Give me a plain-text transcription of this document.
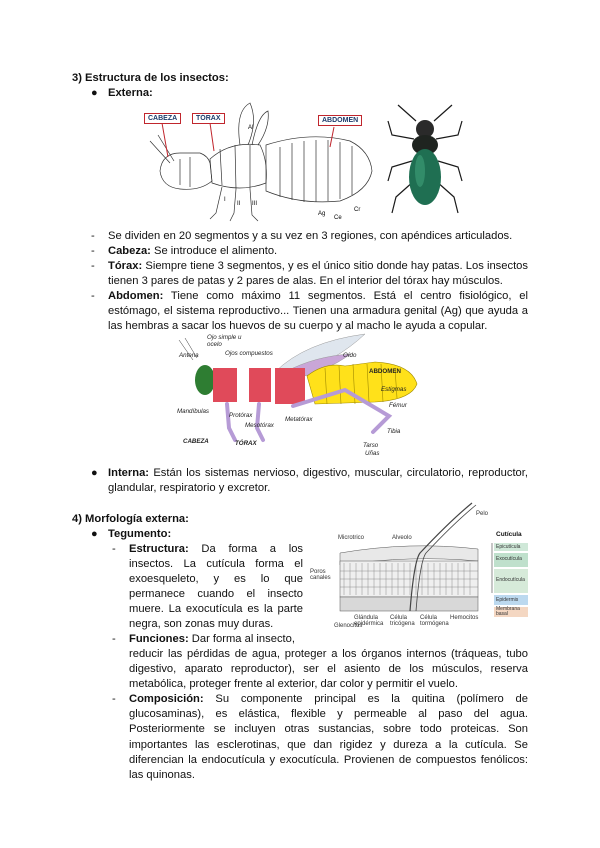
3) Estructura de los insectos:
● Externa:
Al
I
II III
Cr
Ag
Ce
CABEZA	TÓRAX	ABDOMEN
- Se dividen en 20 segmentos y a su vez en 3 regiones, con apéndices articulados.
- Cabeza: Se introduce el alimento.
- Tórax: Siempre tiene 3 segmentos, y es el único sitio donde hay patas. Los insectos tienen 3 pares de patas y 2 pares de alas. En el interior del tórax hay músculos.
- Abdomen: Tiene como máximo 11 segmentos. Está el centro fisiológico, el estómago, el sistema reproductivo... Tienen una armadura genital (Ag) que ayuda a las hembras a sacar los huevos de su cuerpo y al macho le ayuda a copular.
Ojo simple u ocelo
Antena	Ojos compuestos	Oído
ABDOMEN
Estigmas
Fémur
Tibia
Tarso
Uñas
Mandíbulas
Protórax
Mesotórax
Metatórax
CABEZA	TÓRAX
● Interna: Están los sistemas nervioso, digestivo, muscular, circulatorio, reproductor, glandular, respiratorio y excretor.
4) Morfología externa:
● Tegumento:	Cutícula
Microtrico	Alveolo
Pelo
Poros canales
Glándula epidérmica
Célula tricógena
Célula tormógena
Hemocitos
Glenocitos
Epicutícula
Exocutícula
Endocutícula
Epidermis
Membrana basal
- Estructura: Da forma a los
insectos. La cutícula forma el
exoesqueleto, y es lo que
permanece cuando el insecto
muere. La exocutícula es la parte
negra, son zonas muy duras.
- Funciones: Dar forma al insecto,
reducir las pérdidas de agua, proteger a los órganos internos (tráqueas, tubo digestivo, aparato reproductor), ser el asiento de los músculos, reserva metabólica, proteger frente al exterior, dar color y permitir el vuelo.
- Composición: Su componente principal es la quitina (polímero de glucosaminas), es elástica, flexible y permeable al paso del agua. Posteriormente se incluyen otras sustancias, sobre todo proteicas. Son importantes las esclerotinas, que dan rigidez y dureza a la cutícula. Se diferencian la endocutícula y exocutícula. Provienen de compuestos fenólicos: las quinonas.
